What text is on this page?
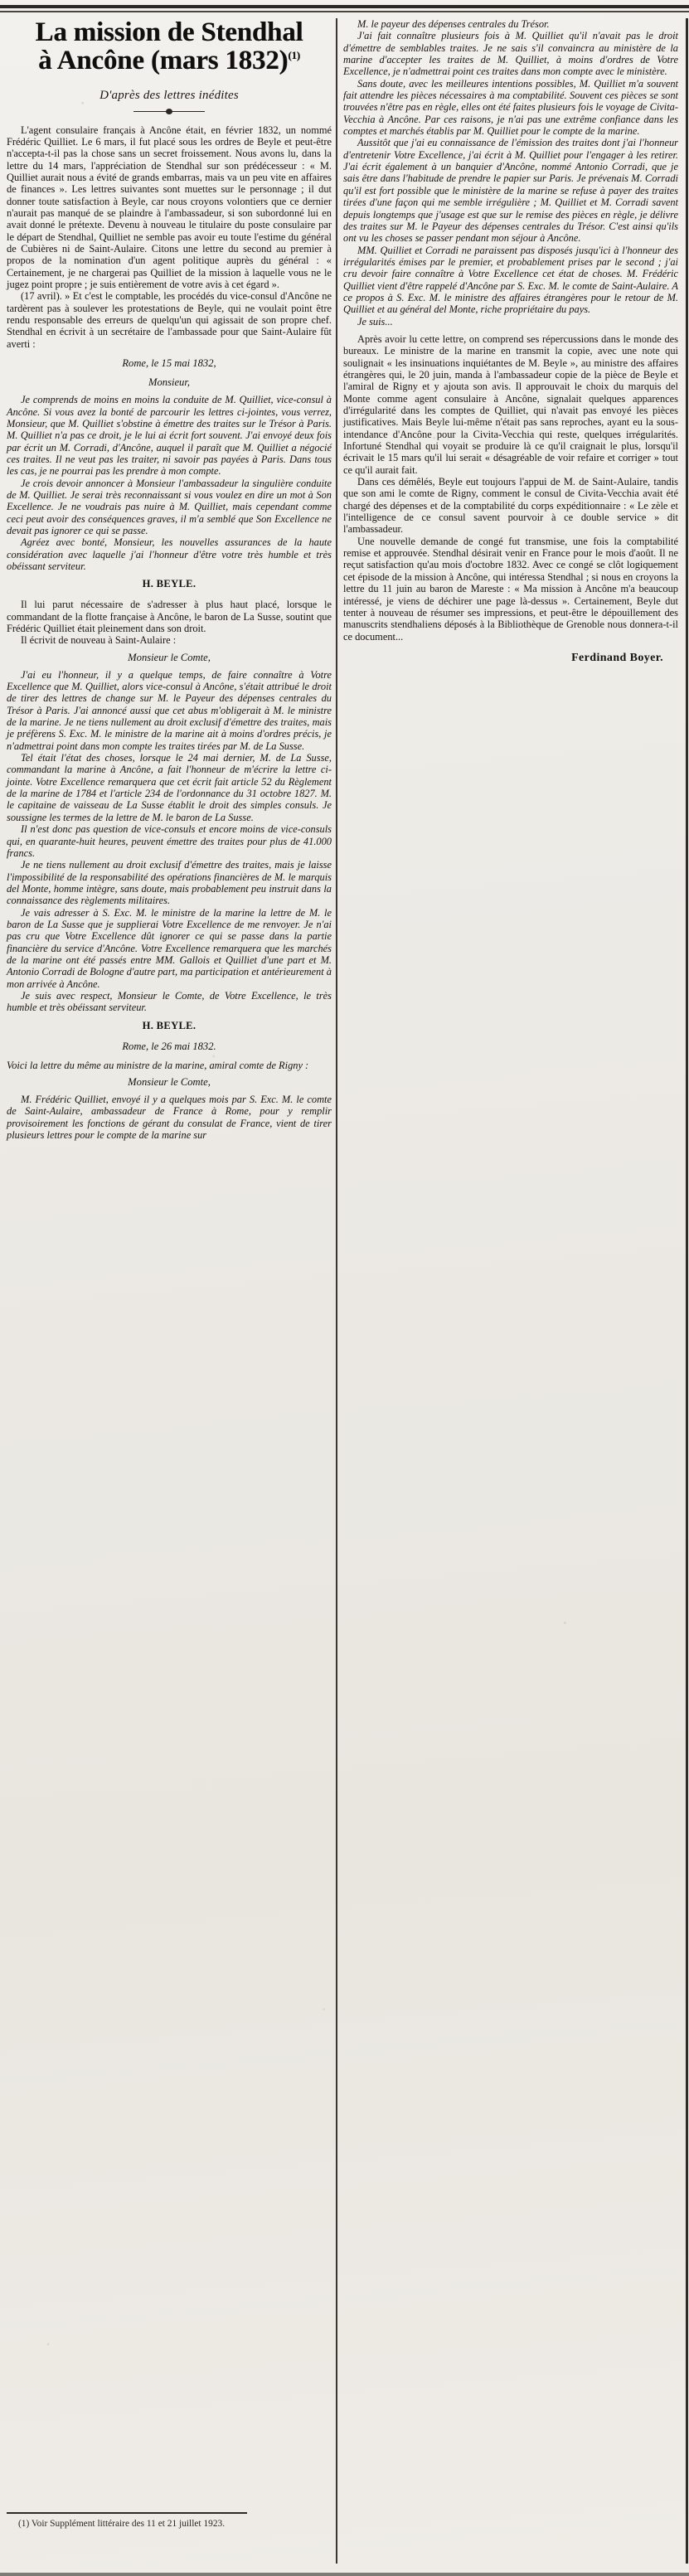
La mission de Stendhal
à Ancône (mars 1832)$^{(1)}$
D'après des lettres inédites

L'agent consulaire français à Ancône était, en février 1832, un nommé Frédéric Quilliet. Le 6 mars, il fut placé sous les ordres de Beyle et peut-être n'accepta-t-il pas la chose sans un secret froissement. Nous avons lu, dans la lettre du 14 mars, l'appréciation de Stendhal sur son prédécesseur : « M. Quilliet aurait nous a évité de grands embarras, mais va un peu vite en affaires de finances ». Les lettres suivantes sont muettes sur le personnage ; il dut donner toute satisfaction à Beyle, car nous croyons volontiers que ce dernier n'aurait pas manqué de se plaindre à l'ambassadeur, si son subordonné lui en avait donné le prétexte. Devenu à nouveau le titulaire du poste consulaire par le départ de Stendhal, Quilliet ne semble pas avoir eu toute l'estime du général de Cubières ni de Saint-Aulaire. Citons une lettre du second au premier à propos de la nomination d'un agent politique auprès du général : « Certainement, je ne chargerai pas Quilliet de la mission à laquelle vous ne le jugez point propre ; je suis entièrement de votre avis à cet égard ».

(17 avril). » Et c'est le comptable, les procédés du vice-consul d'Ancône ne tardèrent pas à soulever les protestations de Beyle, qui ne voulait point être rendu responsable des erreurs de quelqu'un qui agissait de son propre chef. Stendhal en écrivit à un secrétaire de l'ambassade pour que Saint-Aulaire fût averti :

Rome, le 15 mai 1832,
Monsieur,

Je comprends de moins en moins la conduite de M. Quilliet, vice-consul à Ancône. Si vous avez la bonté de parcourir les lettres ci-jointes, vous verrez, Monsieur, que M. Quilliet s'obstine à émettre des traites sur le Trésor à Paris. M. Quilliet n'a pas ce droit, je le lui ai écrit fort souvent. J'ai envoyé deux fois par écrit un M. Corradi, d'Ancône, auquel il paraît que M. Quilliet a négocié ces traites. Il ne veut pas les traiter, ni savoir pas payées à Paris. Dans tous les cas, je ne pourrai pas les prendre à mon compte.

Je crois devoir annoncer à Monsieur l'ambassadeur la singulière conduite de M. Quilliet. Je serai très reconnaissant si vous voulez en dire un mot à Son Excellence. Je ne voudrais pas nuire à M. Quilliet, mais cependant comme ceci peut avoir des conséquences graves, il m'a semblé que Son Excellence ne devait pas ignorer ce qui se passe.

Agréez avec bonté, Monsieur, les nouvelles assurances de la haute considération avec laquelle j'ai l'honneur d'être votre très humble et très obéissant serviteur.

H. BEYLE.

Il lui parut nécessaire de s'adresser à plus haut placé, lorsque le commandant de la flotte française à Ancône, le baron de La Susse, soutint que Frédéric Quilliet était pleinement dans son droit.

Il écrivit de nouveau à Saint-Aulaire :

Monsieur le Comte,

J'ai eu l'honneur, il y a quelque temps, de faire connaître à Votre Excellence que M. Quilliet, alors vice-consul à Ancône, s'était attribué le droit de tirer des lettres de change sur M. le Payeur des dépenses centrales du Trésor à Paris. J'ai annoncé aussi que cet abus m'obligerait à M. le ministre de la marine. Je ne tiens nullement au droit exclusif d'émettre des traites, mais je préfèrens S. Exc. M. le ministre de la marine ait à moins d'ordres précis, je n'admettrai point dans mon compte les traites tirées par M. de La Susse.

Tel était l'état des choses, lorsque le 24 mai dernier, M. de La Susse, commandant la marine à Ancône, a fait l'honneur de m'écrire la lettre ci-jointe. Votre Excellence remarquera que cet écrit fait article 52 du Règlement de la marine de 1784 et l'article 234 de l'ordonnance du 31 octobre 1827. M. le capitaine de vaisseau de La Susse établit le droit des simples consuls. Je soussigne les termes de la lettre de M. le baron de La Susse.

Il n'est donc pas question de vice-consuls et encore moins de vice-consuls qui, en quarante-huit heures, peuvent émettre des traites pour plus de 41.000 francs.

Je ne tiens nullement au droit exclusif d'émettre des traites, mais je laisse l'impossibilité de la responsabilité des opérations financières de M. le marquis del Monte, homme intègre, sans doute, mais probablement peu instruit dans la connaissance des règlements militaires.

Je vais adresser à S. Exc. M. le ministre de la marine la lettre de M. le baron de La Susse que je supplierai Votre Excellence de me renvoyer. Je n'ai pas cru que Votre Excellence dût ignorer ce qui se passe dans la partie financière du service d'Ancône. Votre Excellence remarquera que les marchés de la marine ont été passés entre MM. Gallois et Quilliet d'une part et M. Antonio Corradi de Bologne d'autre part, ma participation et antérieurement à mon arrivée à Ancône.

Je suis avec respect, Monsieur le Comte, de Votre Excellence, le très humble et très obéissant serviteur.

H. BEYLE.
Rome, le 26 mai 1832.

Voici la lettre du même au ministre de la marine, amiral comte de Rigny :

Monsieur le Comte,

M. Frédéric Quilliet, envoyé il y a quelques mois par S. Exc. M. le comte de Saint-Aulaire, ambassadeur de France à Rome, pour y remplir provisoirement les fonctions de gérant du consulat de France, vient de tirer plusieurs lettres pour le compte de la marine sur

M. le payeur des dépenses centrales du Trésor.

J'ai fait connaître plusieurs fois à M. Quilliet qu'il n'avait pas le droit d'émettre de semblables traites. Je ne sais s'il convaincra au ministère de la marine d'accepter les traites de M. Quilliet, à moins d'ordres de Votre Excellence, je n'admettrai point ces traites dans mon compte avec le ministère.

Sans doute, avec les meilleures intentions possibles, M. Quilliet m'a souvent fait attendre les pièces nécessaires à ma comptabilité. Souvent ces pièces se sont trouvées n'être pas en règle, elles ont été faites plusieurs fois le voyage de Civita-Vecchia à Ancône. Par ces raisons, je n'ai pas une extrême confiance dans les comptes et marchés établis par M. Quilliet pour le compte de la marine.

Aussitôt que j'ai eu connaissance de l'émission des traites dont j'ai l'honneur d'entretenir Votre Excellence, j'ai écrit à M. Quilliet pour l'engager à les retirer. J'ai écrit également à un banquier d'Ancône, nommé Antonio Corradi, que je sais être dans l'habitude de prendre le papier sur Paris. Je prévenais M. Corradi qu'il est fort possible que le ministère de la marine se refuse à payer des traites tirées d'une façon qui me semble irrégulière ; M. Quilliet et M. Corradi savent depuis longtemps que j'usage est que sur le remise des pièces en règle, je délivre des traites sur M. le Payeur des dépenses centrales du Trésor. C'est ainsi qu'ils ont vu les choses se passer pendant mon séjour à Ancône.

MM. Quilliet et Corradi ne paraissent pas disposés jusqu'ici à l'honneur des irrégularités émises par le premier, et probablement prises par le second ; j'ai cru devoir faire connaître à Votre Excellence cet état de choses. M. Frédéric Quilliet vient d'être rappelé d'Ancône par S. Exc. M. le comte de Saint-Aulaire. A ce propos à S. Exc. M. le ministre des affaires étrangères pour le retour de M. Quilliet et au général del Monte, riche propriétaire du pays.

Je suis...

Après avoir lu cette lettre, on comprend ses répercussions dans le monde des bureaux. Le ministre de la marine en transmit la copie, avec une note qui soulignait « les insinuations inquiétantes de M. Beyle », au ministre des affaires étrangères qui, le 20 juin, manda à l'ambassadeur copie de la pièce de Beyle et l'amiral de Rigny et y ajouta son avis. Il approuvait le choix du marquis del Monte comme agent consulaire à Ancône, signalait quelques apparences d'irrégularité dans les comptes de Quilliet, qui n'avait pas envoyé les pièces justificatives. Mais Beyle lui-même n'était pas sans reproches, ayant eu la sous-intendance d'Ancône pour la Civita-Vecchia qui reste, quelques irrégularités. Infortuné Stendhal qui voyait se produire là ce qu'il craignait le plus, lorsqu'il écrivait le 15 mars qu'il lui serait « désagréable de voir refaire et corriger » tout ce qu'il aurait fait.

Dans ces démêlés, Beyle eut toujours l'appui de M. de Saint-Aulaire, tandis que son ami le comte de Rigny, comment le consul de Civita-Vecchia avait été chargé des dépenses et de la comptabilité du corps expéditionnaire : « Le zèle et l'intelligence de ce consul savent pourvoir à ce double service » dit l'ambassadeur.

Une nouvelle demande de congé fut transmise, une fois la comptabilité remise et approuvée. Stendhal désirait venir en France pour le mois d'août. Il ne reçut satisfaction qu'au mois d'octobre 1832. Avec ce congé se clôt logiquement cet épisode de la mission à Ancône, qui intéressa Stendhal ; si nous en croyons la lettre du 11 juin au baron de Mareste : « Ma mission à Ancône m'a beaucoup intéressé, je viens de déchirer une page là-dessus ». Certainement, Beyle dut tenter à nouveau de résumer ses impressions, et peut-être le dépouillement des manuscrits stendhaliens déposés à la Bibliothèque de Grenoble nous donnera-t-il ce document...

Ferdinand Boyer.
(1) Voir Supplément littéraire des 11 et 21 juillet 1923.
